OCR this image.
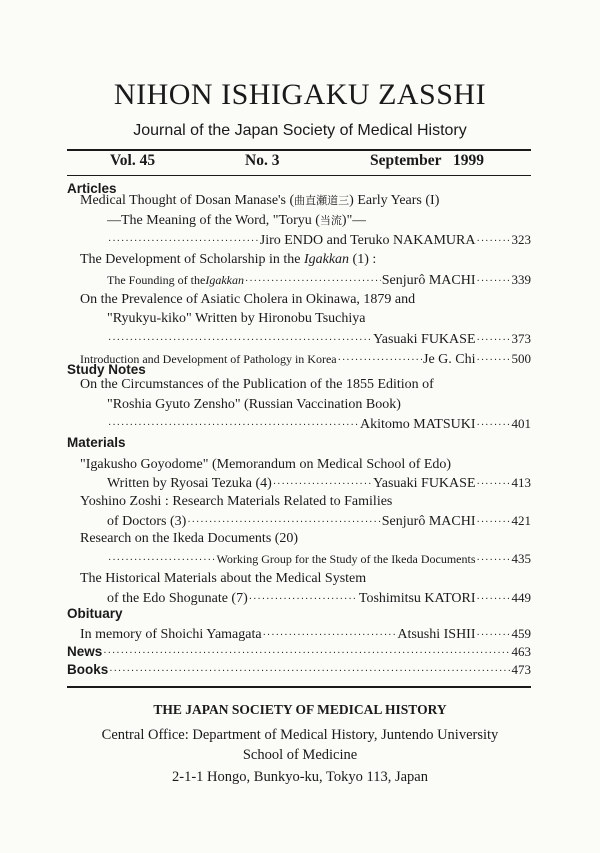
NIHON ISHIGAKU ZASSHI
Journal of the Japan Society of Medical History
Vol. 45	No. 3	September 1999
Articles
Medical Thought of Dosan Manase's (曲直瀬道三) Early Years (I)
—The Meaning of the Word, "Toryu (当流)"—
·····
Jiro ENDO and Teruko NAKAMURA ·····	323
The Development of Scholarship in the Igakkan (1) :
The Founding of the Igakkan ·····	Senjurô MACHI ·····	339
On the Prevalence of Asiatic Cholera in Okinawa, 1879 and
"Ryukyu-kiko" Written by Hironobu Tsuchiya
·····
Yasuaki FUKASE ·····	373
Introduction and Development of Pathology in Korea ·····	Je G. Chi ·····	500
Study Notes
On the Circumstances of the Publication of the 1855 Edition of
"Roshia Gyuto Zensho" (Russian Vaccination Book)
·····
Akitomo MATSUKI ·····	401
Materials
"Igakusho Goyodome" (Memorandum on Medical School of Edo)
Written by Ryosai Tezuka (4) ·····	Yasuaki FUKASE ·····	413
Yoshino Zoshi : Research Materials Related to Families
of Doctors (3) ·····	Senjurô MACHI ·····	421
Research on the Ikeda Documents (20)
·····
Working Group for the Study of the Ikeda Documents ·····	435
The Historical Materials about the Medical System
of the Edo Shogunate (7) ·····	Toshimitsu KATORI ·····	449
Obituary
In memory of Shoichi Yamagata ·····	Atsushi ISHII ·····	459
News ·····	463
Books ·····	473
THE JAPAN SOCIETY OF MEDICAL HISTORY
Central Office: Department of Medical History, Juntendo University
School of Medicine
2-1-1 Hongo, Bunkyo-ku, Tokyo 113, Japan
